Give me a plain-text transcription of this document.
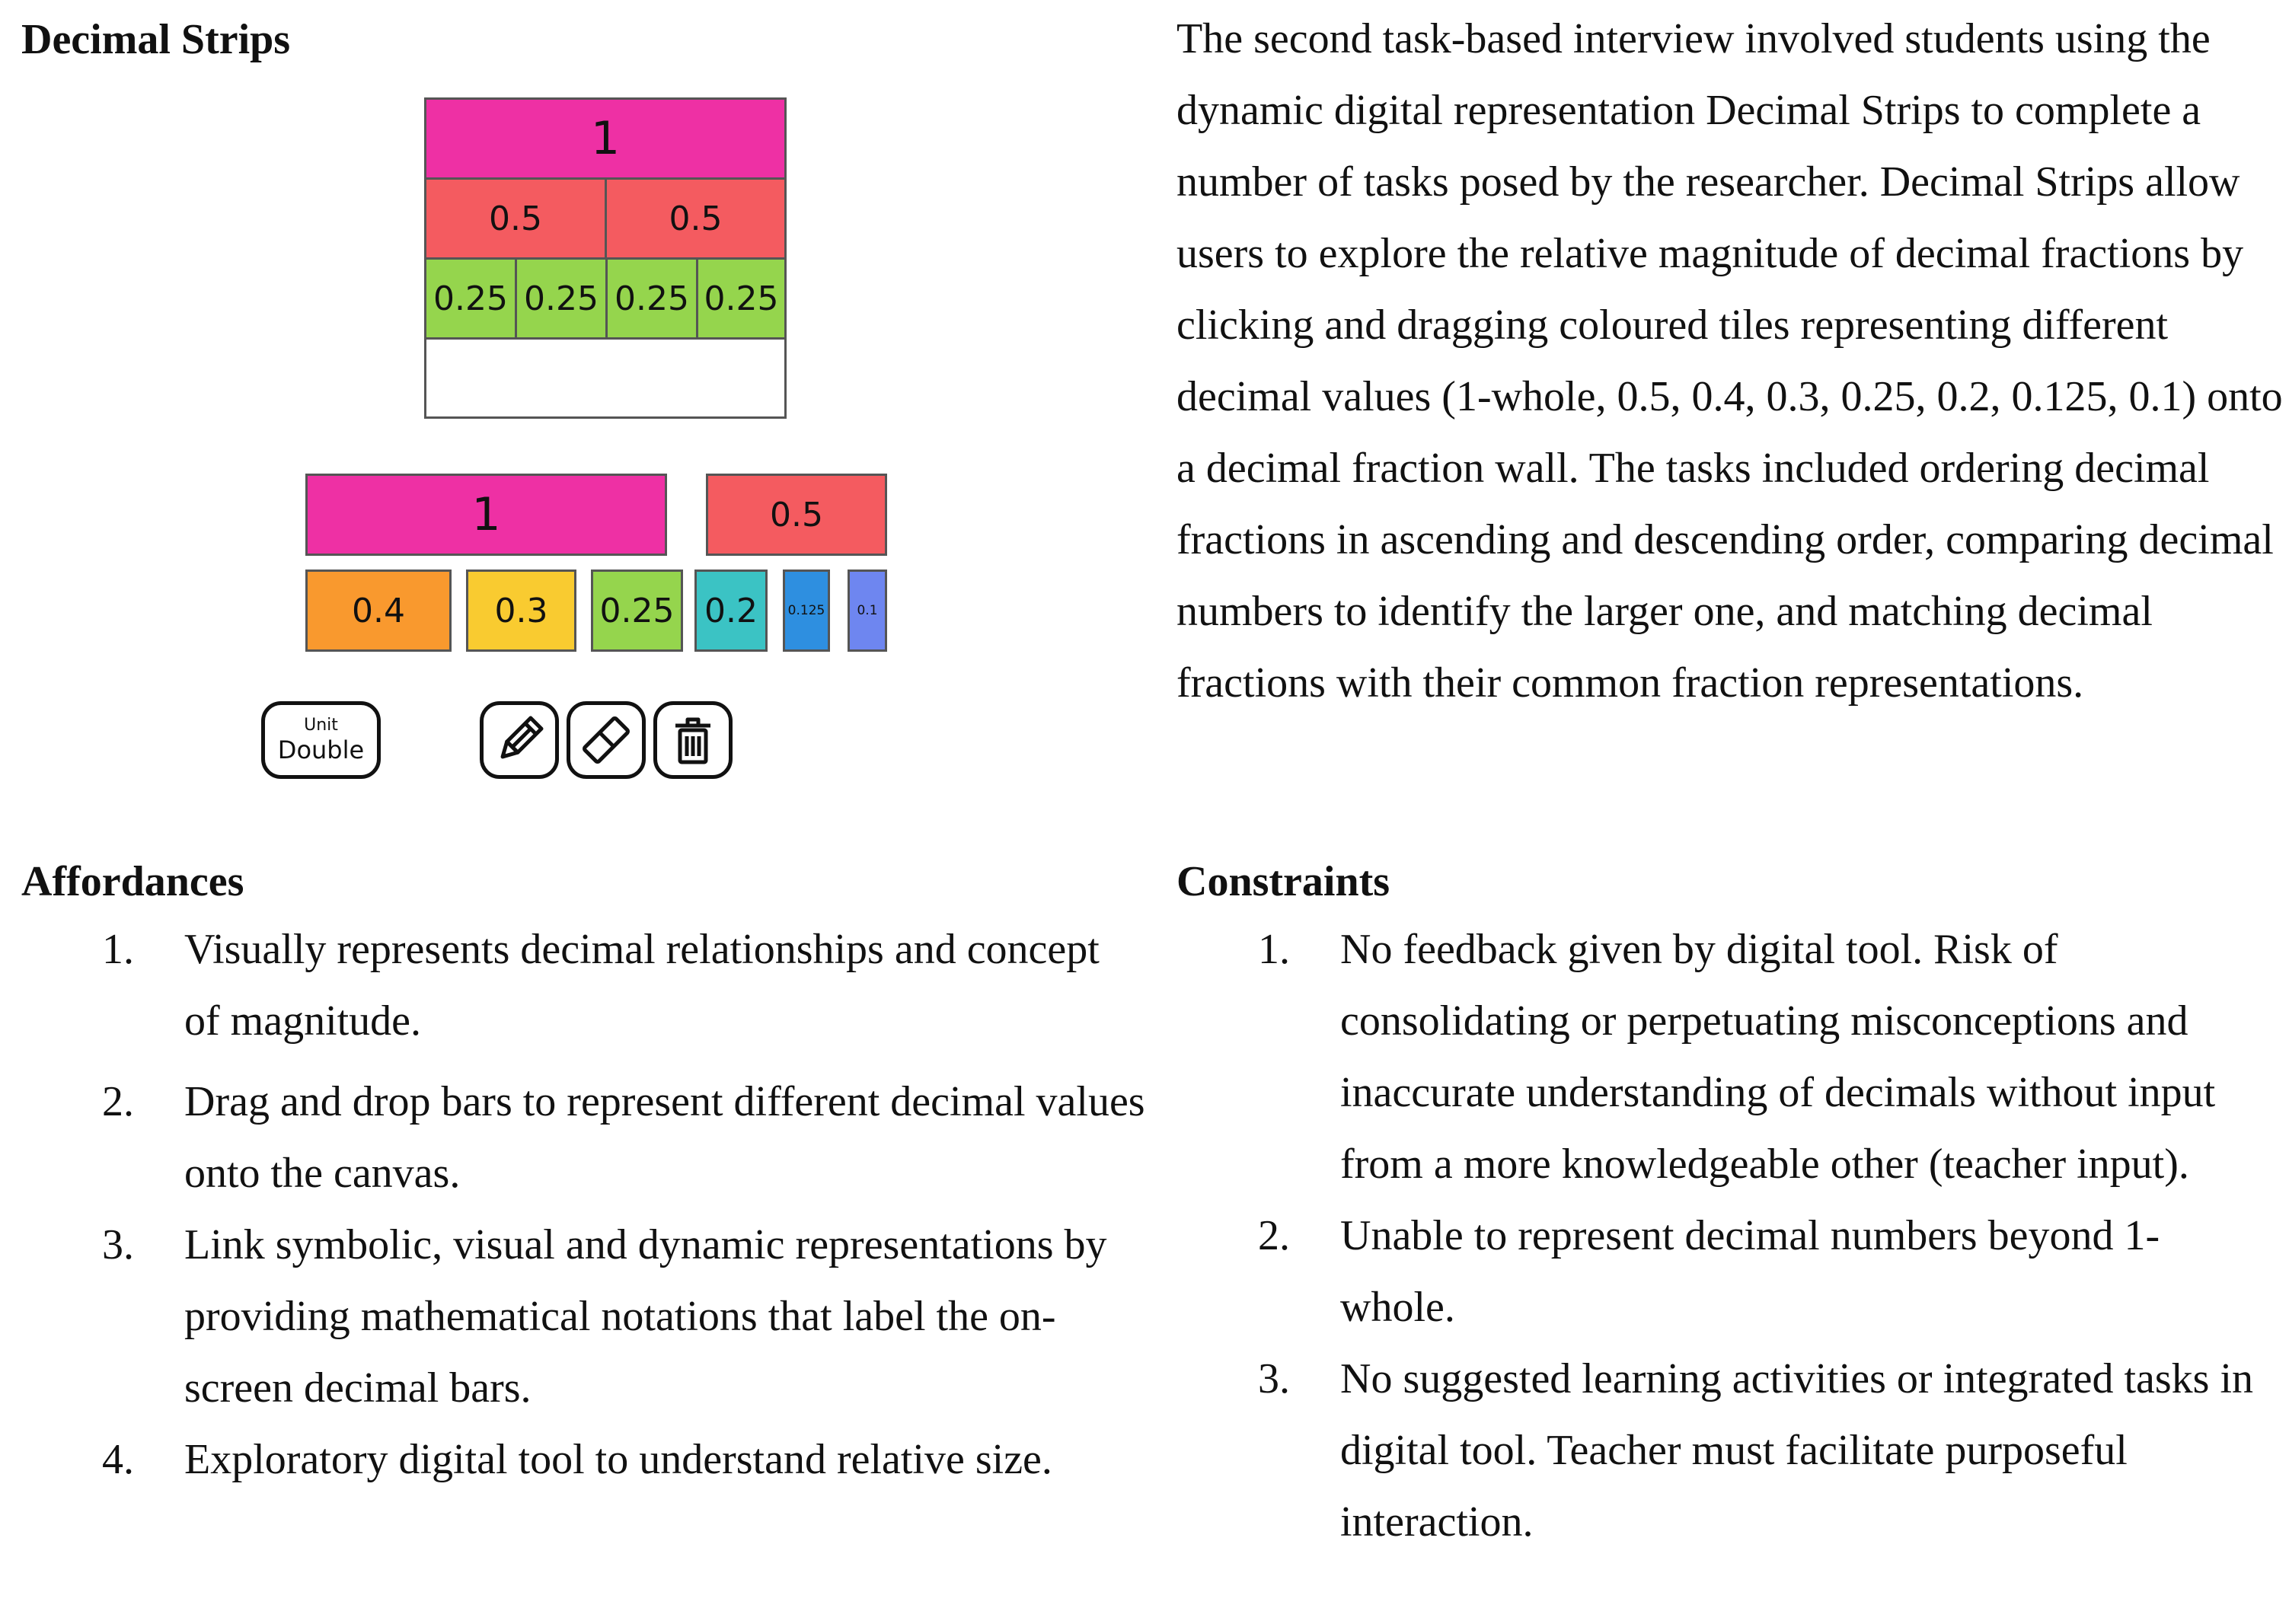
Decimal Strips
1
0.5	0.5
0.25 0.25 0.25 0.25
1	0.5
0.4	0.3 0.25 0.2 0.125 0.1
Unit
Double
The second task-based interview involved students using the dynamic digital representation Decimal Strips to complete a number of tasks posed by the researcher. Decimal Strips allow users to explore the relative magnitude of decimal fractions by clicking and dragging coloured tiles representing different decimal values (1-whole, 0.5, 0.4, 0.3, 0.25, 0.2, 0.125, 0.1) onto a decimal fraction wall. The tasks included ordering decimal fractions in ascending and descending order, comparing decimal numbers to identify the larger one, and matching decimal fractions with their common fraction representations.
Affordances
1.	Visually represents decimal relationships and concept of magnitude.
2.	Drag and drop bars to represent different decimal values onto the canvas.
3.	Link symbolic, visual and dynamic representations by providing mathematical notations that label the on-screen decimal bars.
4.	Exploratory digital tool to understand relative size.
Constraints
1.	No feedback given by digital tool. Risk of consolidating or perpetuating misconceptions and inaccurate understanding of decimals without input from a more knowledgeable other (teacher input).
2.	Unable to represent decimal numbers beyond 1-whole.
3.	No suggested learning activities or integrated tasks in digital tool. Teacher must facilitate purposeful interaction.
